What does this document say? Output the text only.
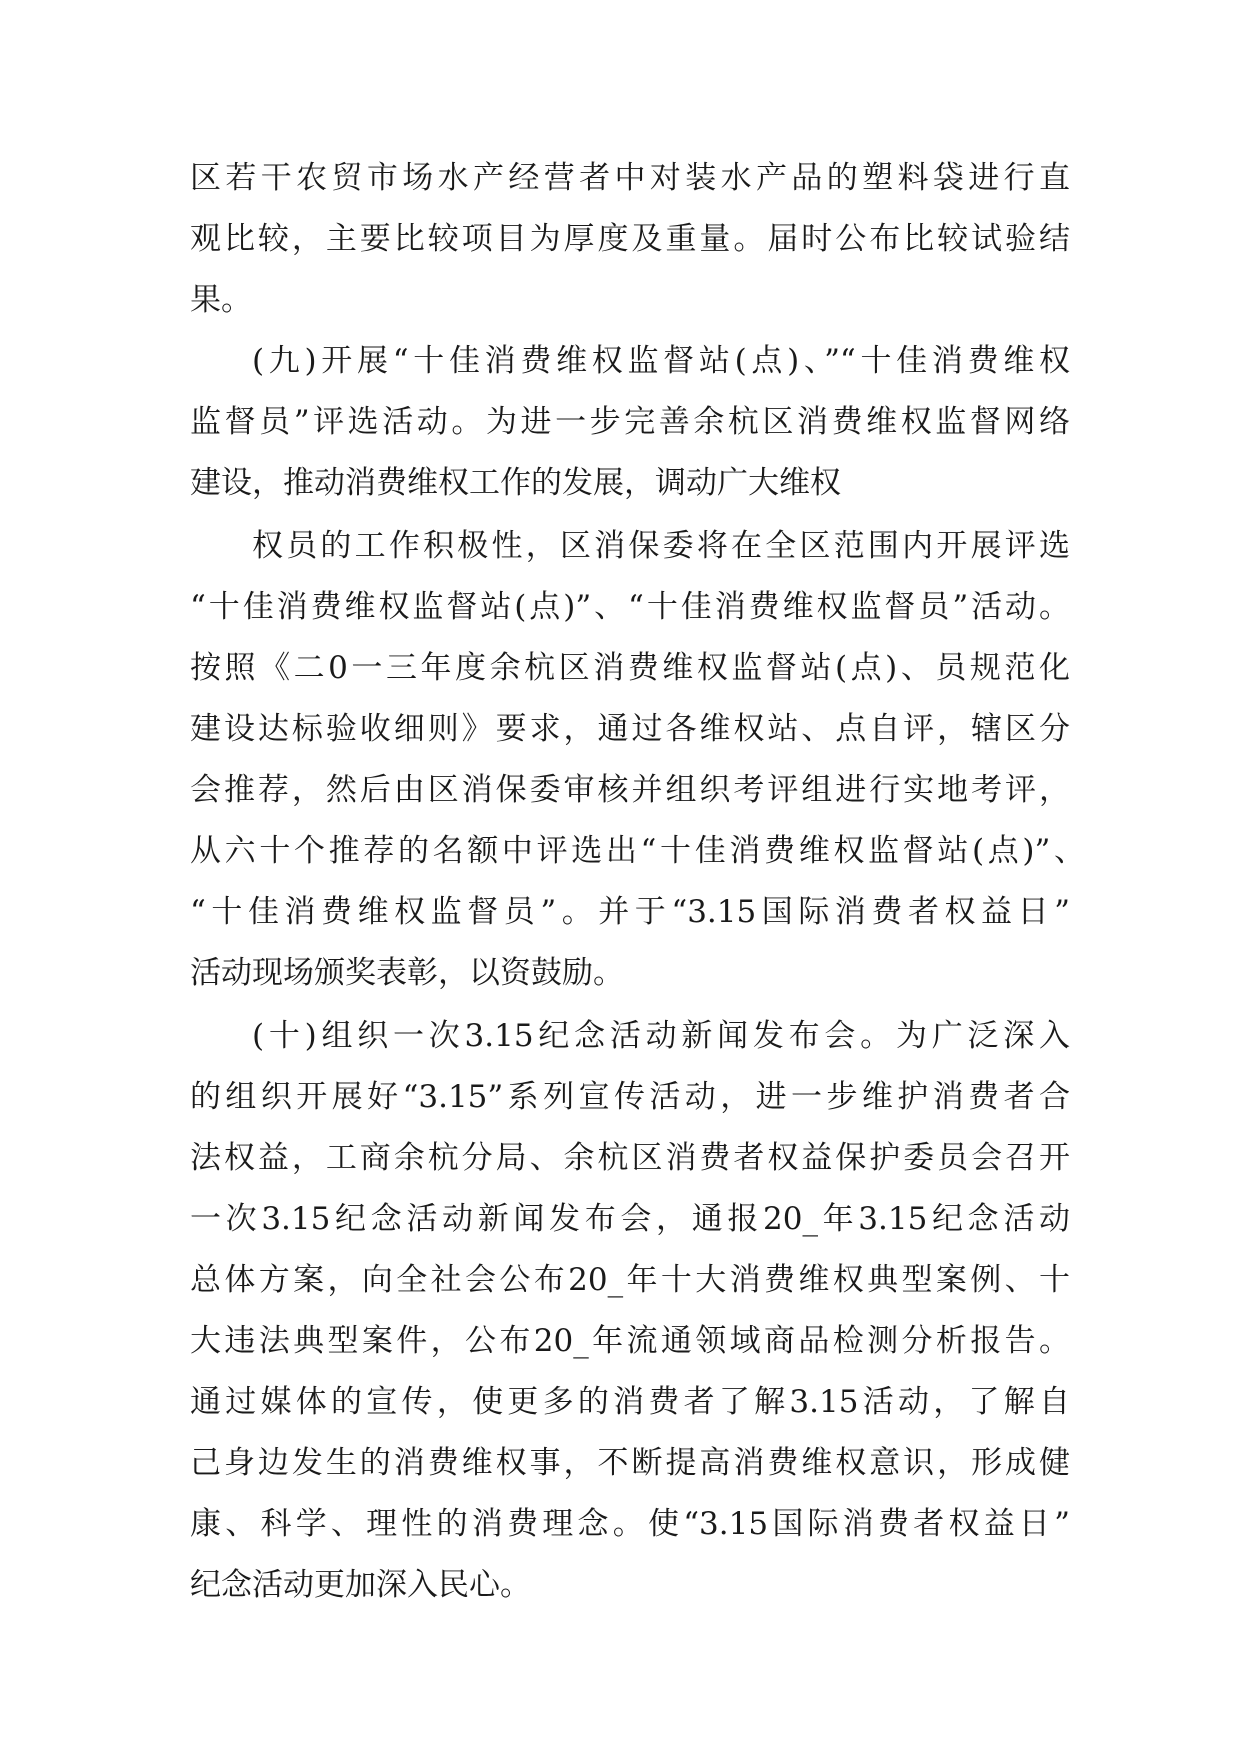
区若干农贸市场水产经营者中对装水产品的塑料袋进行直
观比较，主要比较项目为厚度及重量。届时公布比较试验结
果。
(九)开展“十佳消费维权监督站(点)、”“十佳消费维权
监督员”评选活动。为进一步完善余杭区消费维权监督网络
建设，推动消费维权工作的发展，调动广大维权
权员的工作积极性，区消保委将在全区范围内开展评选
“十佳消费维权监督站(点)”、“十佳消费维权监督员”活动。
按照《二0一三年度余杭区消费维权监督站(点)、员规范化
建设达标验收细则》要求，通过各维权站、点自评，辖区分
会推荐，然后由区消保委审核并组织考评组进行实地考评，
从六十个推荐的名额中评选出“十佳消费维权监督站(点)”、
“十佳消费维权监督员”。并于“3.15国际消费者权益日”
活动现场颁奖表彰，以资鼓励。
(十)组织一次3.15纪念活动新闻发布会。为广泛深入
的组织开展好“3.15”系列宣传活动，进一步维护消费者合
法权益，工商余杭分局、余杭区消费者权益保护委员会召开
一次3.15纪念活动新闻发布会，通报20_年3.15纪念活动
总体方案，向全社会公布20_年十大消费维权典型案例、十
大违法典型案件，公布20_年流通领域商品检测分析报告。
通过媒体的宣传，使更多的消费者了解3.15活动，了解自
己身边发生的消费维权事，不断提高消费维权意识，形成健
康、科学、理性的消费理念。使“3.15国际消费者权益日”
纪念活动更加深入民心。
